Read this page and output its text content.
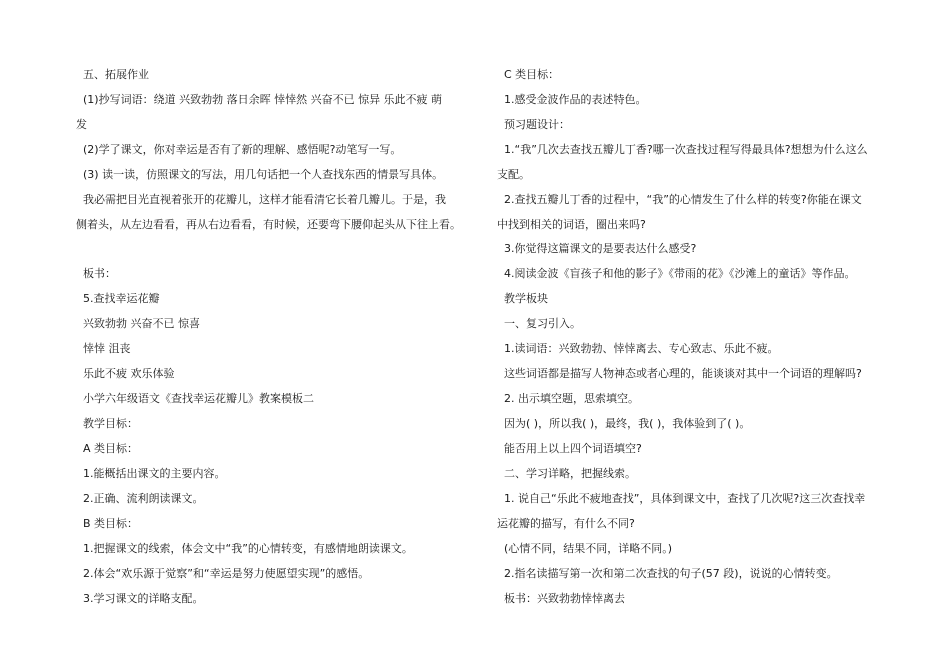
五、拓展作业

(1)抄写词语：绕道 兴致勃勃 落日余晖 悻悻然 兴奋不已 惊异 乐此不疲 萌

发

(2)学了课文，你对幸运是否有了新的理解、感悟呢?动笔写一写。

(3) 读一读，仿照课文的写法，用几句话把一个人查找东西的情景写具体。

我必需把目光直视着张开的花瓣儿，这样才能看清它长着几瓣儿。于是，我

侧着头，从左边看看，再从右边看看，有时候，还要弯下腰仰起头从下往上看。

板书：

5.查找幸运花瓣

兴致勃勃 兴奋不已 惊喜

悻悻 沮丧

乐此不疲 欢乐体验

小学六年级语文《查找幸运花瓣儿》教案模板二

教学目标：

A 类目标：

1.能概括出课文的主要内容。

2.正确、流利朗读课文。

B 类目标：

1.把握课文的线索，体会文中“我”的心情转变，有感情地朗读课文。

2.体会“欢乐源于觉察”和“幸运是努力使愿望实现”的感悟。

3.学习课文的详略支配。

C 类目标：

1.感受金波作品的表述特色。

预习题设计：

1.“我”几次去查找五瓣儿丁香?哪一次查找过程写得最具体?想想为什么这么

支配。

2.查找五瓣儿丁香的过程中，“我”的心情发生了什么样的转变?你能在课文

中找到相关的词语，圈出来吗?

3.你觉得这篇课文的是要表达什么感受?

4.阅读金波《盲孩子和他的影子》《带雨的花》《沙滩上的童话》等作品。

教学板块

一、复习引入。

1.读词语：兴致勃勃、悻悻离去、专心致志、乐此不疲。

这些词语都是描写人物神态或者心理的，能谈谈对其中一个词语的理解吗?

2. 出示填空题，思索填空。

因为( )，所以我( )，最终，我( )，我体验到了( )。

能否用上以上四个词语填空?

二、学习详略，把握线索。

1. 说自己“乐此不疲地查找”，具体到课文中，查找了几次呢?这三次查找幸

运花瓣的描写，有什么不同?

(心情不同，结果不同，详略不同。)

2.指名读描写第一次和第二次查找的句子(57 段)，说说的心情转变。

板书：兴致勃勃悻悻离去
